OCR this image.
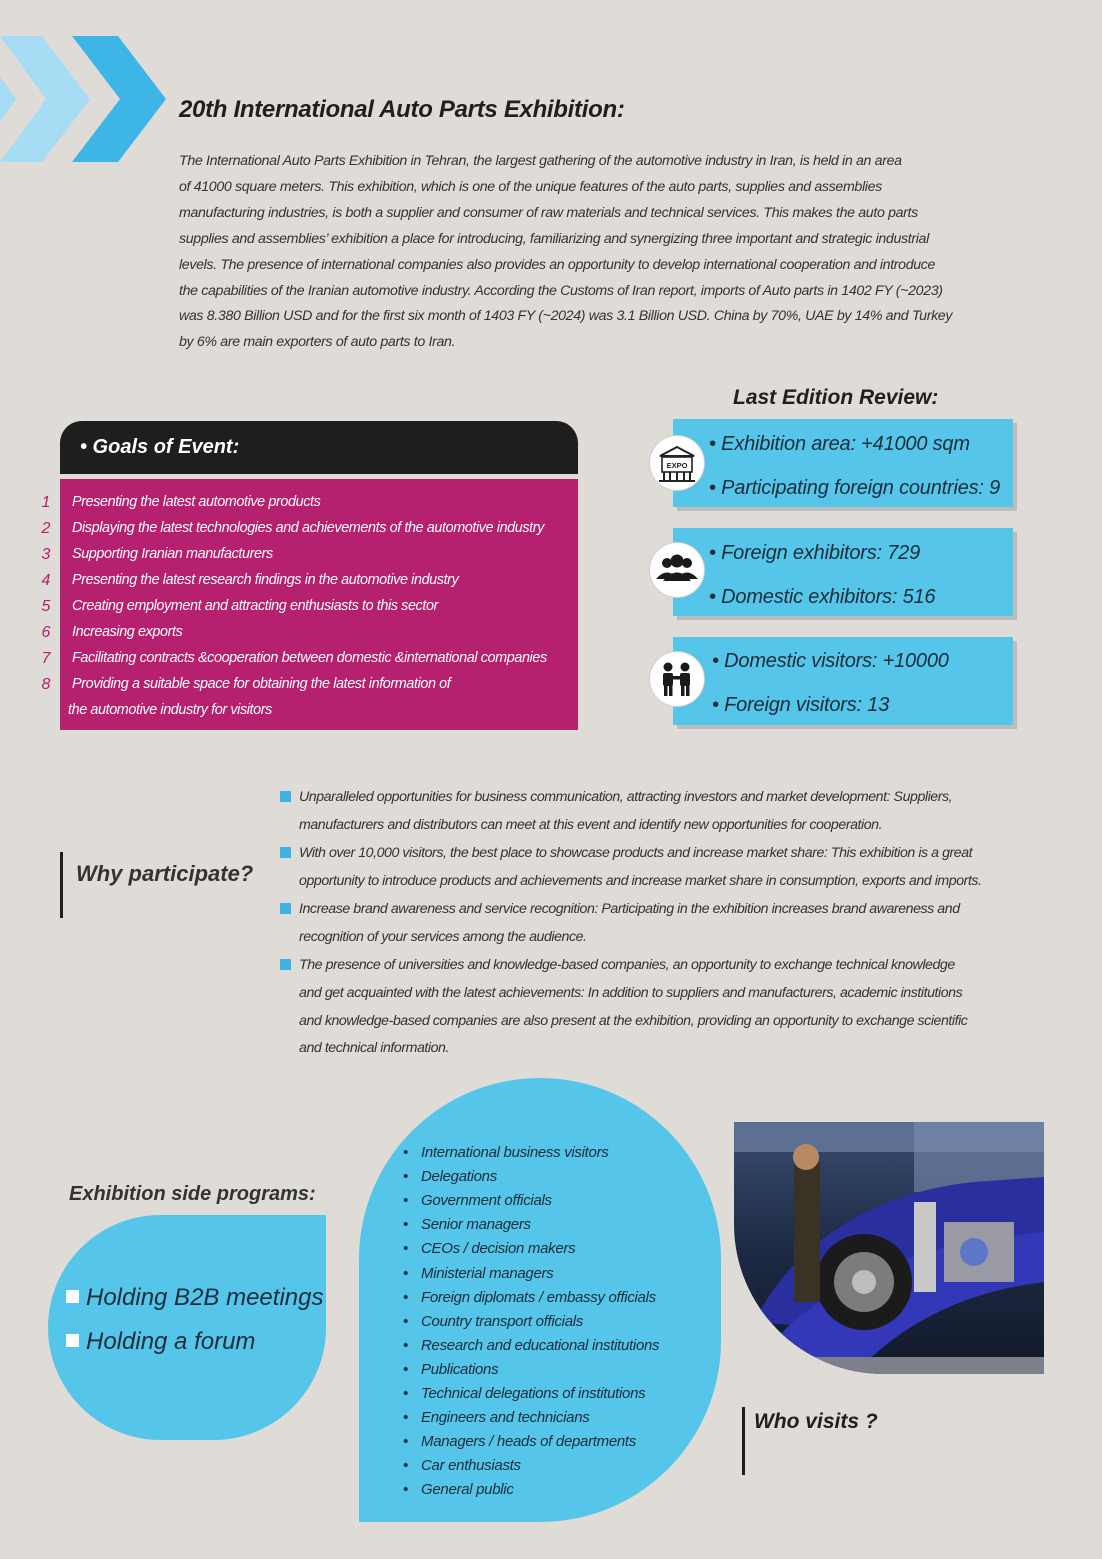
20th International Auto Parts Exhibition:
The International Auto Parts Exhibition in Tehran, the largest gathering of the automotive industry in Iran, is held in an area
of 41000 square meters. This exhibition, which is one of the unique features of the auto parts, supplies and assemblies
manufacturing industries, is both a supplier and consumer of raw materials and technical services. This makes the auto parts
supplies and assemblies’ exhibition a place for introducing, familiarizing and synergizing three important and strategic industrial
levels. The presence of international companies also provides an opportunity to develop international cooperation and introduce
the capabilities of the Iranian automotive industry. According the Customs of Iran report, imports of Auto parts in 1402 FY (~2023)
was 8.380 Billion USD and for the first six month of 1403 FY (~2024) was 3.1 Billion USD. China by 70%, UAE by 14% and Turkey
by 6% are main exporters of auto parts to Iran.
• Goals of Event:
1 Presenting the latest automotive products
2 Displaying the latest technologies and achievements of the automotive industry
3 Supporting Iranian manufacturers
4 Presenting the latest research findings in the automotive industry
5 Creating employment and attracting enthusiasts to this sector
6 Increasing exports
7 Facilitating contracts &cooperation between domestic &international companies
8 Providing a suitable space for obtaining the latest information of
the automotive industry for visitors
Last Edition Review:
• Exhibition area: +41000 sqm
• Participating foreign countries: 9
EXPO
• Foreign exhibitors: 729
• Domestic exhibitors: 516
• Domestic visitors: +10000
• Foreign visitors: 13
Why participate?
Unparalleled opportunities for business communication, attracting investors and market development: Suppliers,
manufacturers and distributors can meet at this event and identify new opportunities for cooperation.
With over 10,000 visitors, the best place to showcase products and increase market share: This exhibition is a great
opportunity to introduce products and achievements and increase market share in consumption, exports and imports.
Increase brand awareness and service recognition: Participating in the exhibition increases brand awareness and
recognition of your services among the audience.
The presence of universities and knowledge-based companies, an opportunity to exchange technical knowledge
and get acquainted with the latest achievements: In addition to suppliers and manufacturers, academic institutions
and knowledge-based companies are also present at the exhibition, providing an opportunity to exchange scientific
and technical information.
Exhibition side programs:
Holding B2B meetings
Holding a forum
• International business visitors
• Delegations
• Government officials
• Senior managers
• CEOs / decision makers
• Ministerial managers
• Foreign diplomats / embassy officials
• Country transport officials
• Research and educational institutions
• Publications
• Technical delegations of institutions
• Engineers and technicians
• Managers / heads of departments
• Car enthusiasts
• General public
Who visits ?
